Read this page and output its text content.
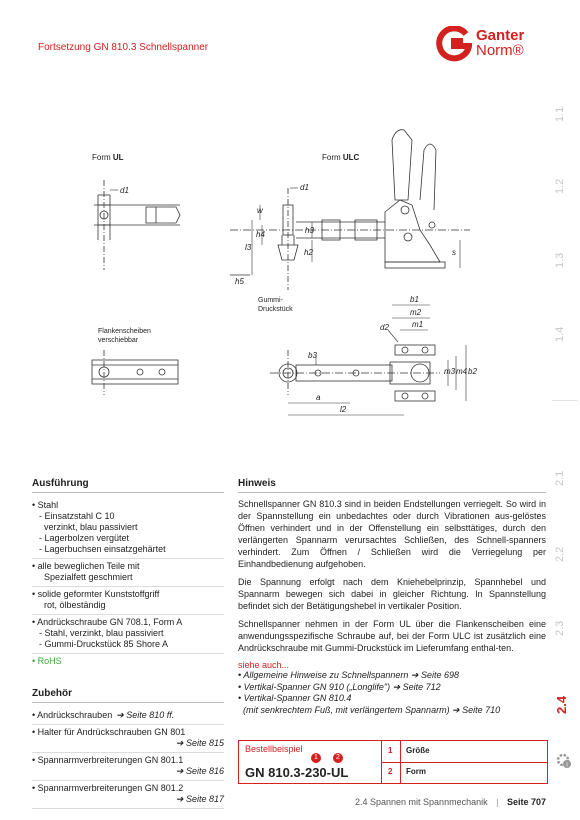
Fortsetzung GN 810.3 Schnellspanner
Ganter
Norm®
1.1
1.2
1.3
1.4
2.1
2.2
2.3
2.4
Form UL	Form ULC
Flankenscheiben
verschiebbar
Gummi-
Druckstück
d1	d1
w
l3
h4	h3
h2
h5
s
b1
m2
m1
d2
b3
m3 m4 b2
a
l2
Ausführung
• Stahl
- Einsatzstahl C 10
verzinkt, blau passiviert
- Lagerbolzen vergütet
- Lagerbuchsen einsatzgehärtet
• alle beweglichen Teile mit
Spezialfett geschmiert
• solide geformter Kunststoffgriff
rot, ölbeständig
• Andrückschraube GN 708.1, Form A
- Stahl, verzinkt, blau passiviert
- Gummi-Druckstück 85 Shore A
• RoHS
Zubehör
• Andrückschrauben ➔ Seite 810 ff.
• Halter für Andrückschrauben GN 801
➔ Seite 815
• Spannarmverbreiterungen GN 801.1
➔ Seite 816
• Spannarmverbreiterungen GN 801.2
➔ Seite 817
Hinweis

Schnellspanner GN 810.3 sind in beiden Endstellungen verriegelt. So wird in der Spannstellung ein unbedachtes oder durch Vibrationen aus-gelöstes Öffnen verhindert und in der Offenstellung ein selbsttätiges, durch den verlängerten Spannarm verursachtes Schließen, des Schnell-spanners verhindert. Zum Öffnen / Schließen wird die Verriegelung per Einhandbedienung aufgehoben.

Die Spannung erfolgt nach dem Kniehebelprinzip, Spannhebel und Spannarm bewegen sich dabei in gleicher Richtung. In Spannstellung befindet sich der Betätigungshebel in vertikaler Position.

Schnellspanner nehmen in der Form UL über die Flankenscheiben eine anwendungsspezifische Schraube auf, bei der Form ULC ist zusätzlich eine Andrückschraube mit Gummi-Druckstück im Lieferumfang enthal-ten.

siehe auch...
• Allgemeine Hinweise zu Schnellspannern ➔ Seite 698
• Vertikal-Spanner GN 910 („Longlife") ➔ Seite 712
• Vertikal-Spanner GN 810.4
(mit senkrechtem Fuß, mit verlängertem Spannarm) ➔ Seite 710
Bestellbeispiel
1	2
GN 810.3-230-UL
1 Größe
2 Form
i
2.4 Spannen mit Spannmechanik | Seite 707
